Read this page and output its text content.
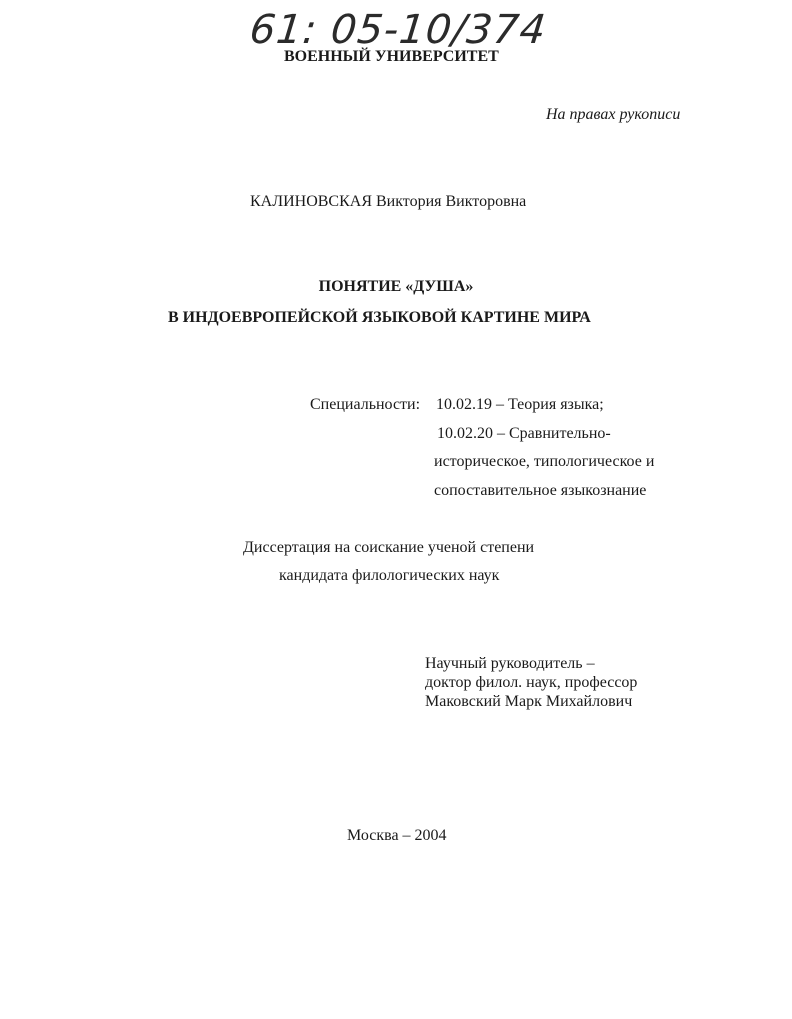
61: 05-10/374
ВОЕННЫЙ УНИВЕРСИТЕТ
На правах рукописи
КАЛИНОВСКАЯ Виктория Викторовна
ПОНЯТИЕ «ДУША»
В ИНДОЕВРОПЕЙСКОЙ ЯЗЫКОВОЙ КАРТИНЕ МИРА
Специальности: 10.02.19 – Теория языка;
10.02.20 – Сравнительно-
историческое, типологическое и
сопоставительное языкознание
Диссертация на соискание ученой степени
кандидата филологических наук
Научный руководитель –
доктор филол. наук, профессор
Маковский Марк Михайлович
Москва – 2004
